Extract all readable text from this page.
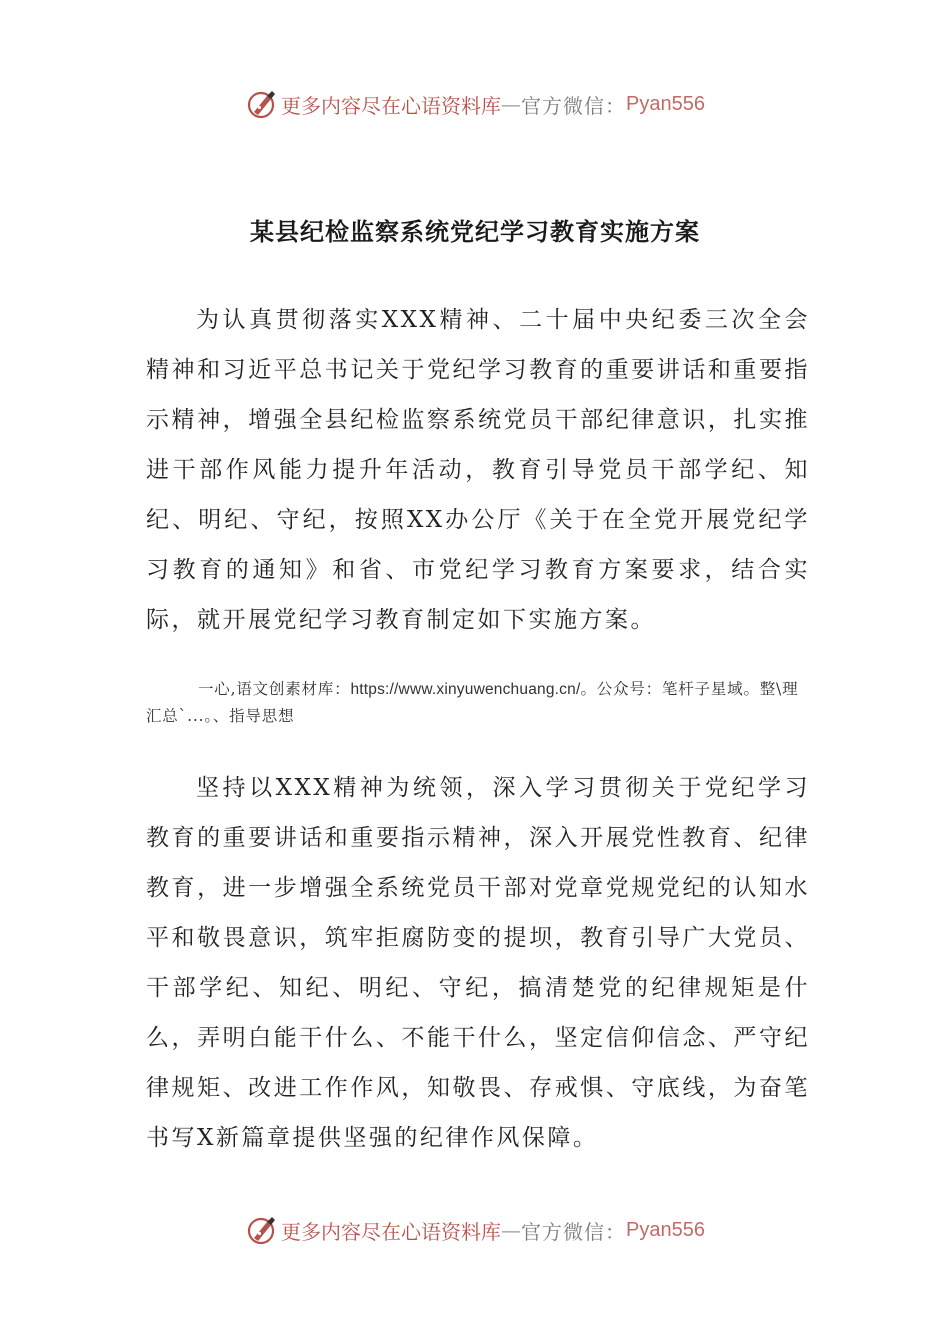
更多内容尽在心语资料库 — 官方微信： Pyan556
某县纪检监察系统党纪学习教育实施方案

为认真贯彻落实XXX精神、二十届中央纪委三次全会精神和习近平总书记关于党纪学习教育的重要讲话和重要指示精神，增强全县纪检监察系统党员干部纪律意识，扎实推进干部作风能力提升年活动，教育引导党员干部学纪、知纪、明纪、守纪，按照XX办公厅《关于在全党开展党纪学习教育的通知》和省、市党纪学习教育方案要求，结合实际，就开展党纪学习教育制定如下实施方案。

一心,语文创素材库：https://www.xinyuwenchuang.cn/。公众号：笔杆子星域。整\理汇总`...。、指导思想

坚持以XXX精神为统领，深入学习贯彻关于党纪学习教育的重要讲话和重要指示精神，深入开展党性教育、纪律教育，进一步增强全系统党员干部对党章党规党纪的认知水平和敬畏意识，筑牢拒腐防变的提坝，教育引导广大党员、干部学纪、知纪、明纪、守纪，搞清楚党的纪律规矩是什么，弄明白能干什么、不能干什么，坚定信仰信念、严守纪律规矩、改进工作作风，知敬畏、存戒惧、守底线，为奋笔书写X新篇章提供坚强的纪律作风保障。

更多内容尽在心语资料库 — 官方微信： Pyan556
